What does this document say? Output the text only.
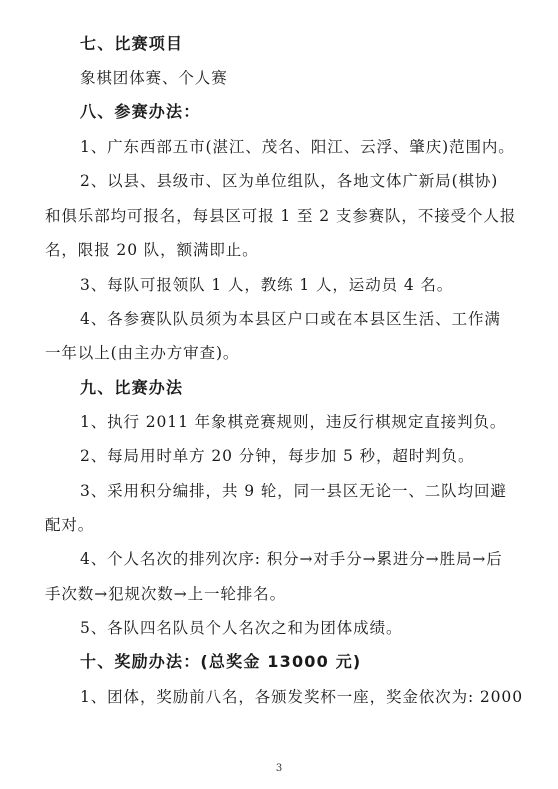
七、比赛项目
象棋团体赛、个人赛
八、参赛办法：
1、广东西部五市(湛江、茂名、阳江、云浮、肇庆)范围内。
2、以县、县级市、区为单位组队，各地文体广新局(棋协)
和俱乐部均可报名，每县区可报 1 至 2 支参赛队，不接受个人报
名，限报 20 队，额满即止。
3、每队可报领队 1 人，教练 1 人，运动员 4 名。
4、各参赛队队员须为本县区户口或在本县区生活、工作满
一年以上(由主办方审查)。
九、比赛办法
1、执行 2011 年象棋竞赛规则，违反行棋规定直接判负。
2、每局用时单方 20 分钟，每步加 5 秒，超时判负。
3、采用积分编排，共 9 轮，同一县区无论一、二队均回避
配对。
4、个人名次的排列次序: 积分→对手分→累进分→胜局→后
手次数→犯规次数→上一轮排名。
5、各队四名队员个人名次之和为团体成绩。
十、奖励办法：(总奖金 13000 元)
1、团体，奖励前八名，各颁发奖杯一座，奖金依次为: 2000
3
